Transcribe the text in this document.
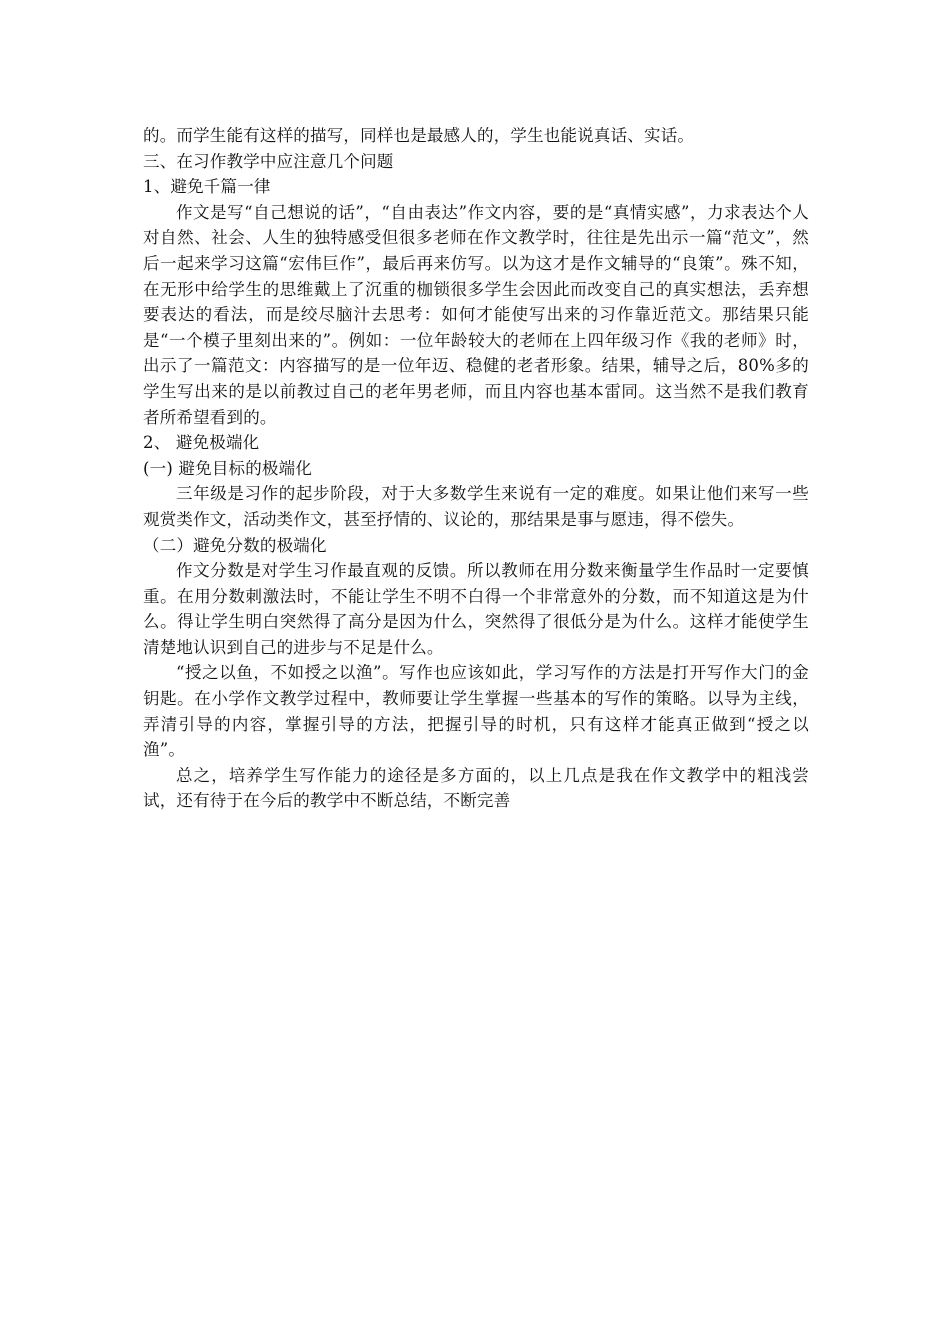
的。而学生能有这样的描写，同样也是最感人的，学生也能说真话、实话。

三、在习作教学中应注意几个问题

1、避免千篇一律

作文是写“自己想说的话”，“自由表达”作文内容，要的是“真情实感”，力求表达个人对自然、社会、人生的独特感受但很多老师在作文教学时，往往是先出示一篇“范文”，然后一起来学习这篇“宏伟巨作”，最后再来仿写。以为这才是作文辅导的“良策”。殊不知，在无形中给学生的思维戴上了沉重的枷锁很多学生会因此而改变自己的真实想法，丢弃想要表达的看法，而是绞尽脑汁去思考：如何才能使写出来的习作靠近范文。那结果只能是“一个模子里刻出来的”。例如：一位年龄较大的老师在上四年级习作《我的老师》时，出示了一篇范文：内容描写的是一位年迈、稳健的老者形象。结果，辅导之后，80%多的学生写出来的是以前教过自己的老年男老师，而且内容也基本雷同。这当然不是我们教育者所希望看到的。

2、 避免极端化

(一) 避免目标的极端化

三年级是习作的起步阶段，对于大多数学生来说有一定的难度。如果让他们来写一些观赏类作文，活动类作文，甚至抒情的、议论的，那结果是事与愿违，得不偿失。

（二）避免分数的极端化

作文分数是对学生习作最直观的反馈。所以教师在用分数来衡量学生作品时一定要慎重。在用分数刺激法时，不能让学生不明不白得一个非常意外的分数，而不知道这是为什么。得让学生明白突然得了高分是因为什么，突然得了很低分是为什么。这样才能使学生清楚地认识到自己的进步与不足是什么。

“授之以鱼，不如授之以渔”。写作也应该如此，学习写作的方法是打开写作大门的金钥匙。在小学作文教学过程中，教师要让学生掌握一些基本的写作的策略。以导为主线，弄清引导的内容，掌握引导的方法，把握引导的时机，只有这样才能真正做到“授之以渔”。

总之，培养学生写作能力的途径是多方面的，以上几点是我在作文教学中的粗浅尝试，还有待于在今后的教学中不断总结，不断完善
